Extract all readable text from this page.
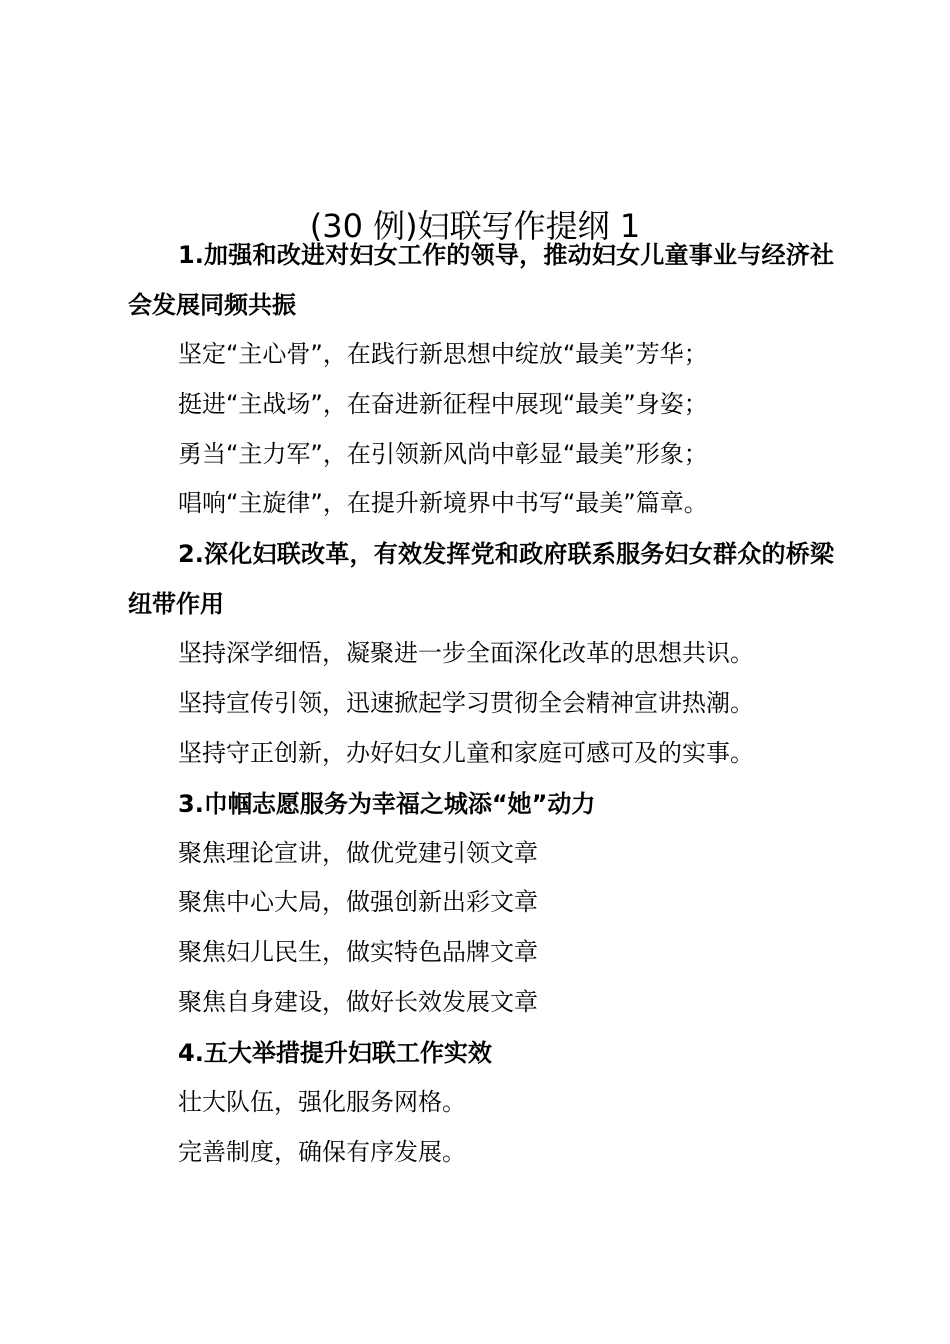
(30 例)妇联写作提纲 1

1.加强和改进对妇女工作的领导，推动妇女儿童事业与经济社会发展同频共振

坚定“主心骨”，在践行新思想中绽放“最美”芳华；

挺进“主战场”，在奋进新征程中展现“最美”身姿；

勇当“主力军”，在引领新风尚中彰显“最美”形象；

唱响“主旋律”，在提升新境界中书写“最美”篇章。

2.深化妇联改革，有效发挥党和政府联系服务妇女群众的桥梁纽带作用

坚持深学细悟，凝聚进一步全面深化改革的思想共识。

坚持宣传引领，迅速掀起学习贯彻全会精神宣讲热潮。

坚持守正创新，办好妇女儿童和家庭可感可及的实事。

3.巾帼志愿服务为幸福之城添“她”动力

聚焦理论宣讲，做优党建引领文章

聚焦中心大局，做强创新出彩文章

聚焦妇儿民生，做实特色品牌文章

聚焦自身建设，做好长效发展文章

4.五大举措提升妇联工作实效

壮大队伍，强化服务网格。

完善制度，确保有序发展。
